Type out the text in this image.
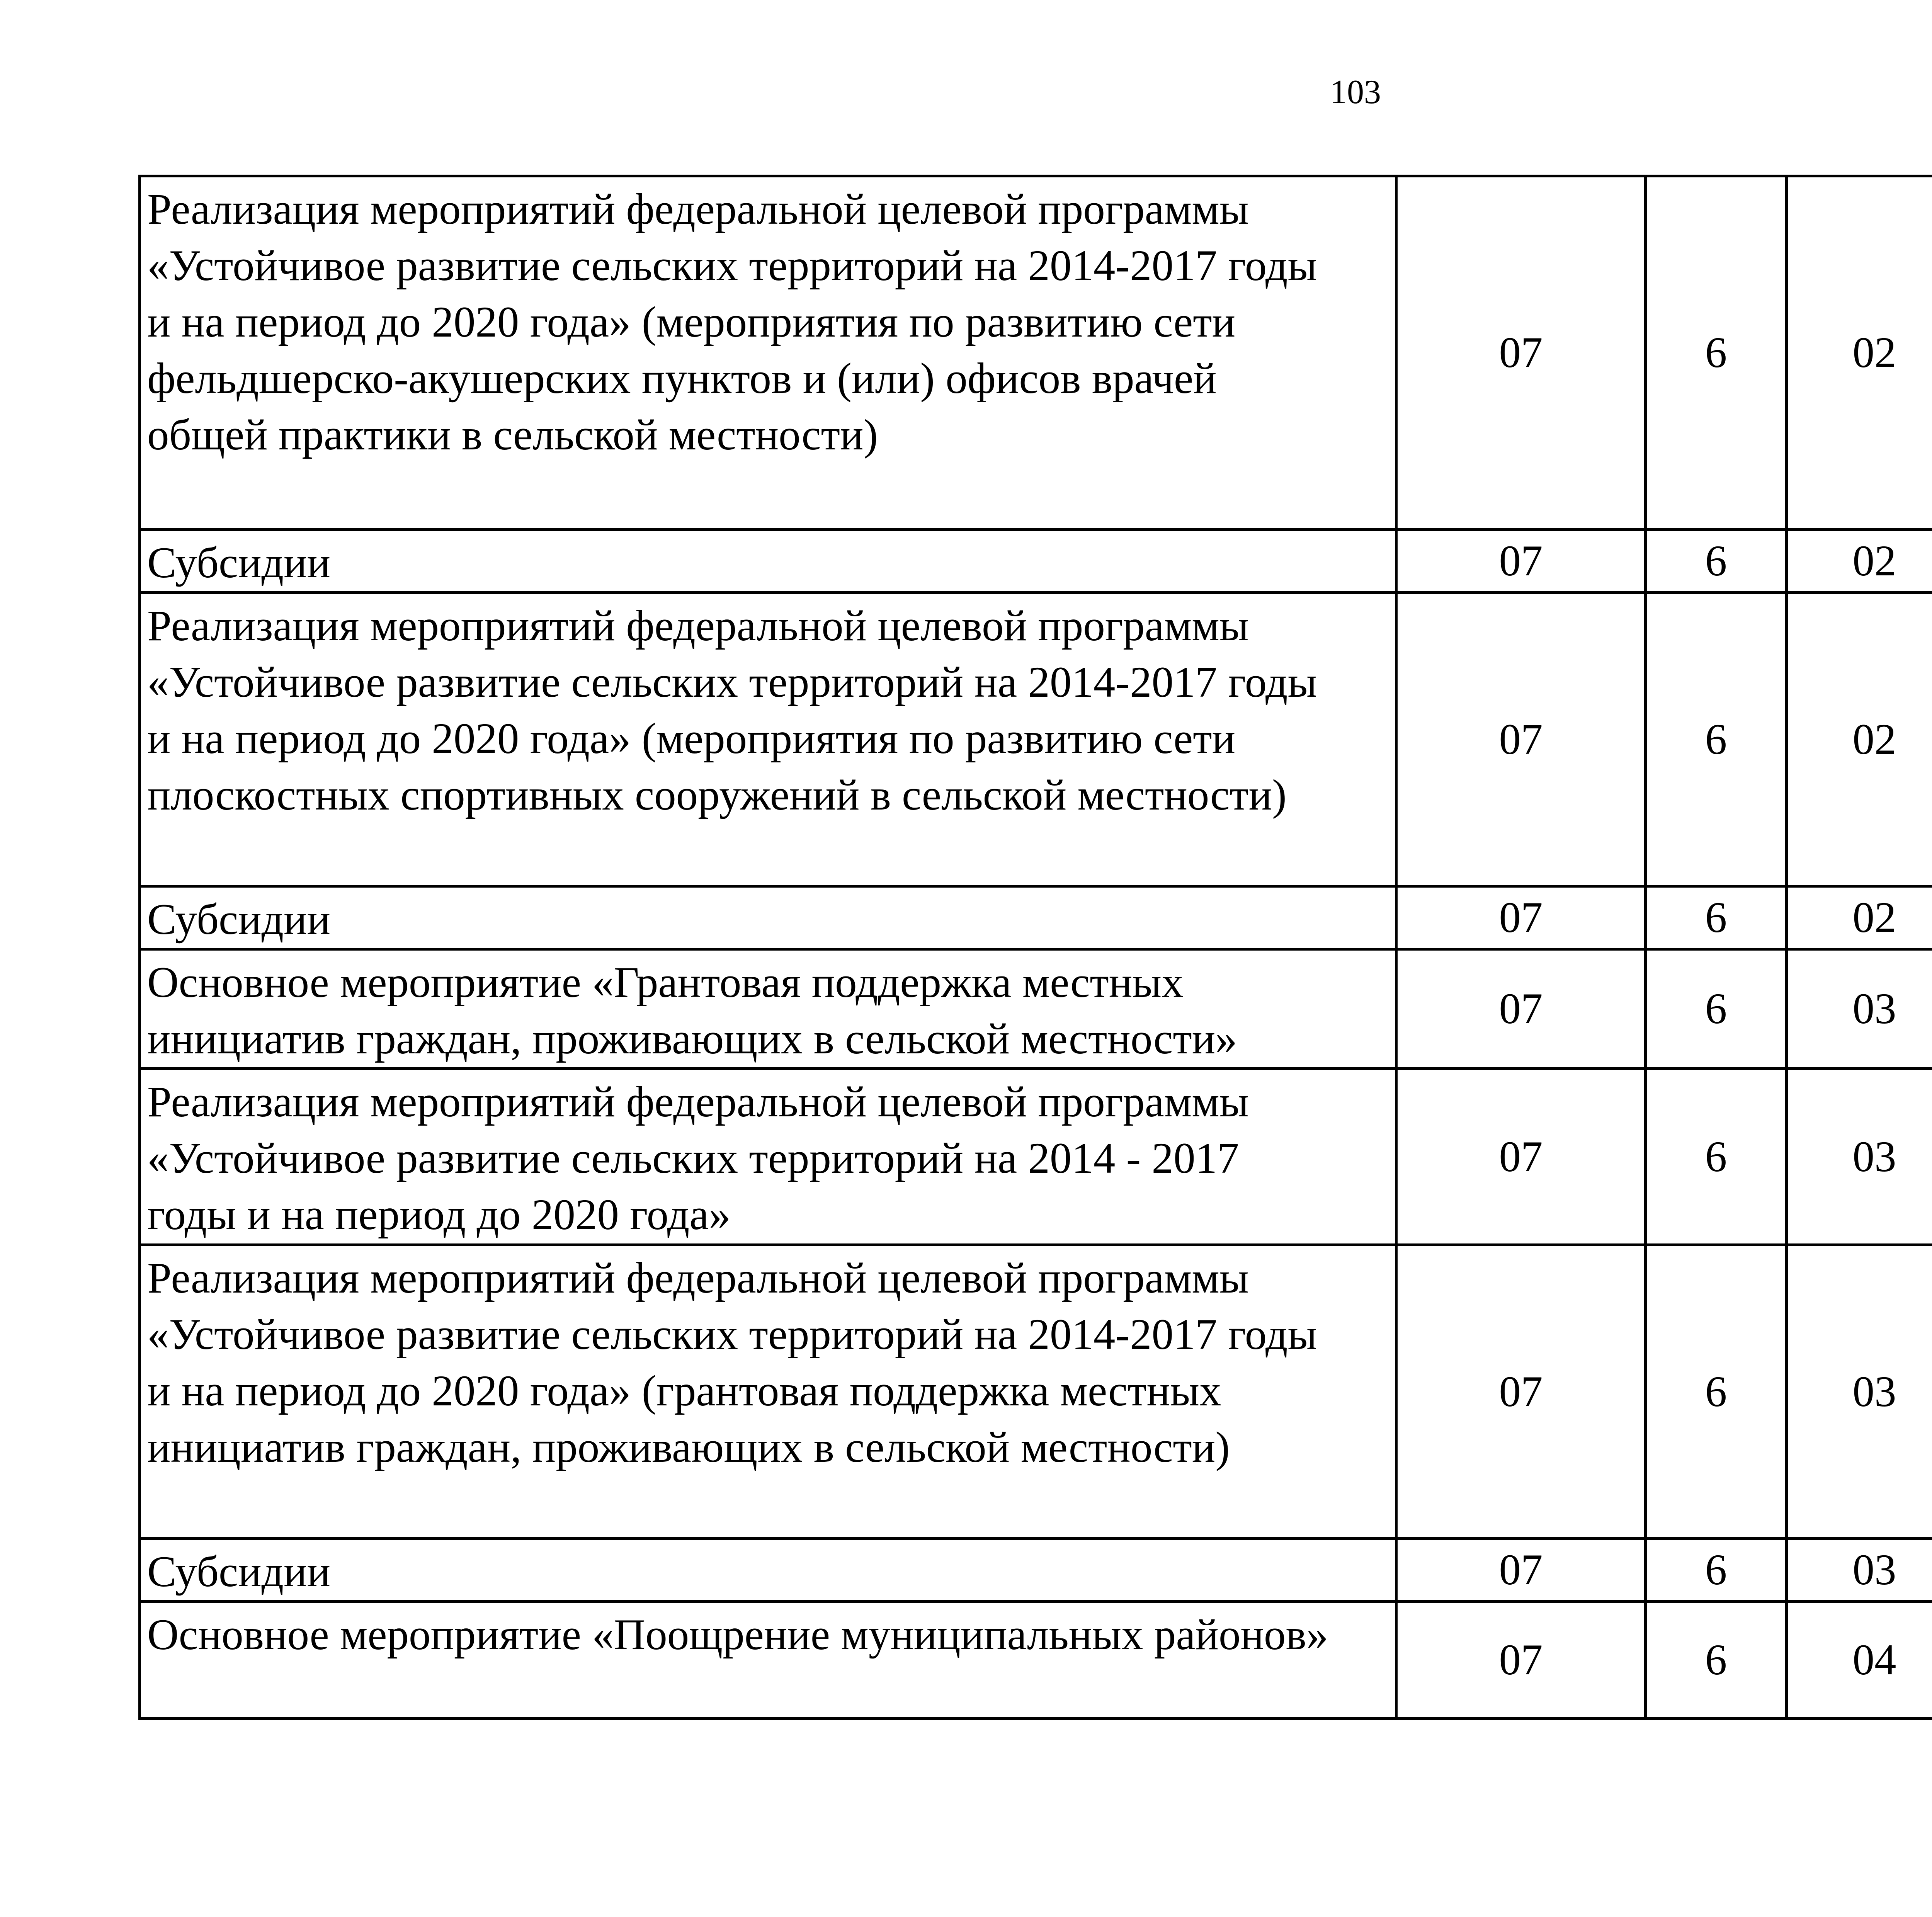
103
Реализация мероприятий федеральной целевой программы
«Устойчивое развитие сельских территорий на 2014-2017 годы
и на период до 2020 года» (мероприятия по развитию сети
фельдшерско-акушерских пунктов и (или) офисов врачей
общей практики в сельской местности)	07	6	02			

Субсидии	07	6	02			

Реализация мероприятий федеральной целевой программы
«Устойчивое развитие сельских территорий на 2014-2017 годы
и на период до 2020 года» (мероприятия по развитию сети
плоскостных спортивных сооружений в сельской местности)	07	6	02			

Субсидии	07	6	02			

Основное мероприятие «Грантовая поддержка местных
инициатив граждан, проживающих в сельской местности»	07	6	03			

Реализация мероприятий федеральной целевой программы
«Устойчивое развитие сельских территорий на 2014 - 2017
годы и на период до 2020 года»	07	6	03			

Реализация мероприятий федеральной целевой программы
«Устойчивое развитие сельских территорий на 2014-2017 годы
и на период до 2020 года» (грантовая поддержка местных
инициатив граждан, проживающих в сельской местности)	07	6	03			

Субсидии	07	6	03			

Основное мероприятие «Поощрение муниципальных районов»	07	6	04			
